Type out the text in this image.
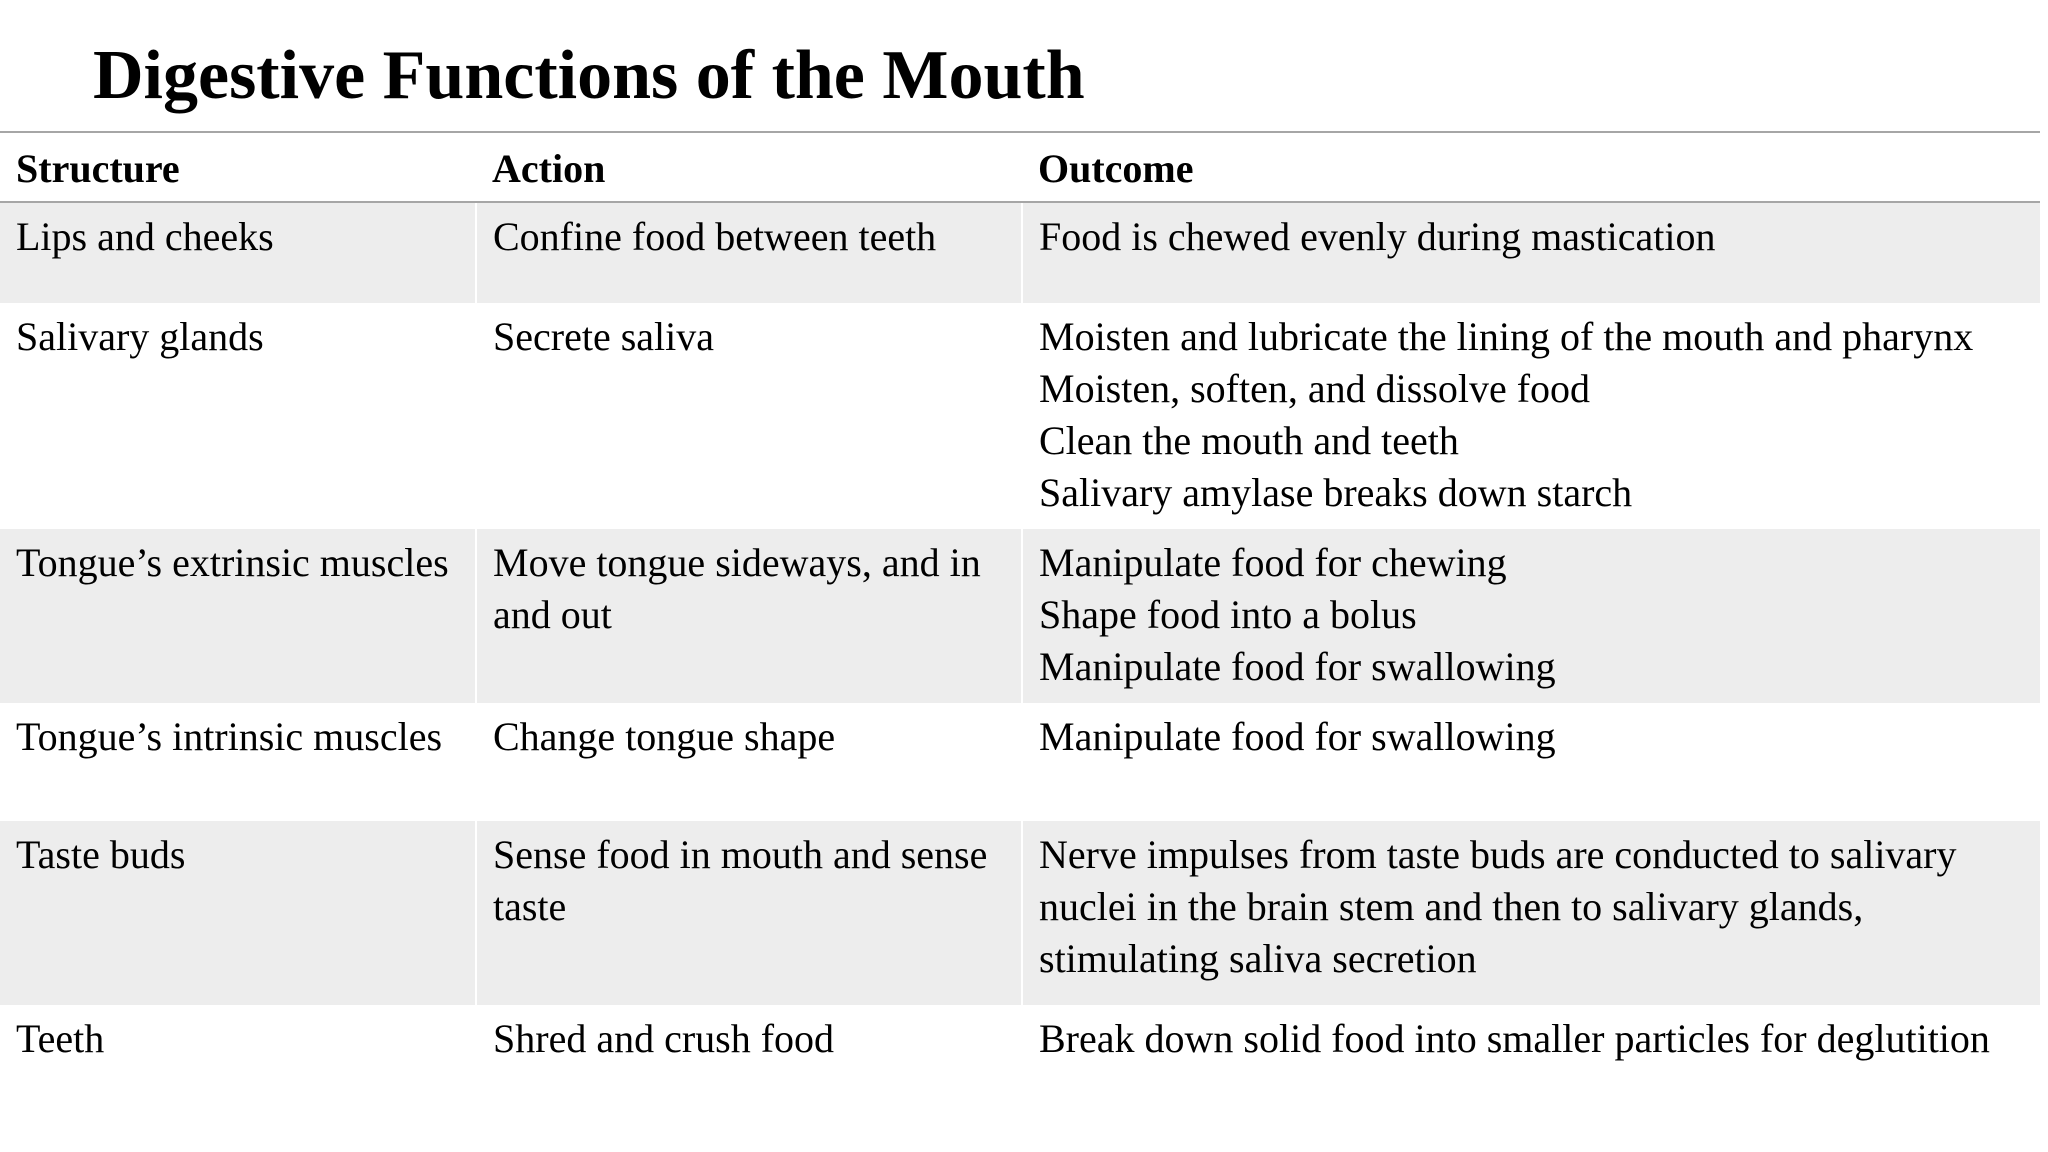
Digestive Functions of the Mouth
Structure	Action	Outcome
Lips and cheeks	Confine food between teeth	Food is chewed evenly during mastication

Salivary glands	Secrete saliva	Moisten and lubricate the lining of the mouth and pharynx
Moisten, soften, and dissolve food
Clean the mouth and teeth
Salivary amylase breaks down starch

Tongue’s extrinsic muscles	Move tongue sideways, and in and out	Manipulate food for chewing
Shape food into a bolus
Manipulate food for swallowing

Tongue’s intrinsic muscles	Change tongue shape	Manipulate food for swallowing

Taste buds	Sense food in mouth and sense taste	Nerve impulses from taste buds are conducted to salivary nuclei in the brain stem and then to salivary glands, stimulating saliva secretion

Teeth	Shred and crush food	Break down solid food into smaller particles for deglutition
